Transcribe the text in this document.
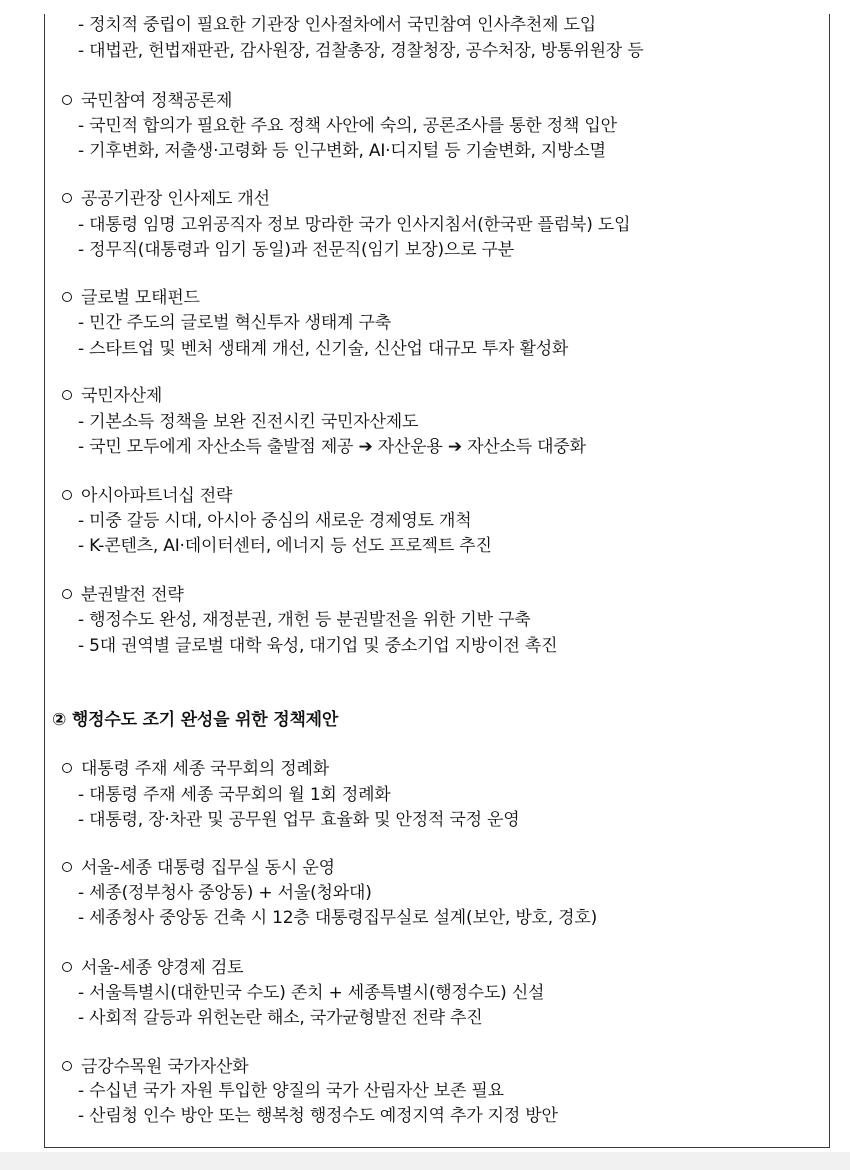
- 정치적 중립이 필요한 기관장 인사절차에서 국민참여 인사추천제 도입
- 대법관, 헌법재판관, 감사원장, 검찰총장, 경찰청장, 공수처장, 방통위원장 등
국민참여 정책공론제
- 국민적 합의가 필요한 주요 정책 사안에 숙의, 공론조사를 통한 정책 입안
- 기후변화, 저출생·고령화 등 인구변화, AI·디지털 등 기술변화, 지방소멸
공공기관장 인사제도 개선
- 대통령 임명 고위공직자 정보 망라한 국가 인사지침서(한국판 플럼북) 도입
- 정무직(대통령과 임기 동일)과 전문직(임기 보장)으로 구분
글로벌 모태펀드
- 민간 주도의 글로벌 혁신투자 생태계 구축
- 스타트업 및 벤처 생태계 개선, 신기술, 신산업 대규모 투자 활성화
국민자산제
- 기본소득 정책을 보완 진전시킨 국민자산제도
- 국민 모두에게 자산소득 출발점 제공 ➔ 자산운용 ➔ 자산소득 대중화
아시아파트너십 전략
- 미중 갈등 시대, 아시아 중심의 새로운 경제영토 개척
- K-콘텐츠, AI·데이터센터, 에너지 등 선도 프로젝트 추진
분권발전 전략
- 행정수도 완성, 재정분권, 개헌 등 분권발전을 위한 기반 구축
- 5대 권역별 글로벌 대학 육성, 대기업 및 중소기업 지방이전 촉진
② 행정수도 조기 완성을 위한 정책제안
대통령 주재 세종 국무회의 정례화
- 대통령 주재 세종 국무회의 월 1회 정례화
- 대통령, 장·차관 및 공무원 업무 효율화 및 안정적 국정 운영
서울-세종 대통령 집무실 동시 운영
- 세종(정부청사 중앙동) + 서울(청와대)
- 세종청사 중앙동 건축 시 12층 대통령집무실로 설계(보안, 방호, 경호)
서울-세종 양경제 검토
- 서울특별시(대한민국 수도) 존치 + 세종특별시(행정수도) 신설
- 사회적 갈등과 위헌논란 해소, 국가균형발전 전략 추진
금강수목원 국가자산화
- 수십년 국가 자원 투입한 양질의 국가 산림자산 보존 필요
- 산림청 인수 방안 또는 행복청 행정수도 예정지역 추가 지정 방안
